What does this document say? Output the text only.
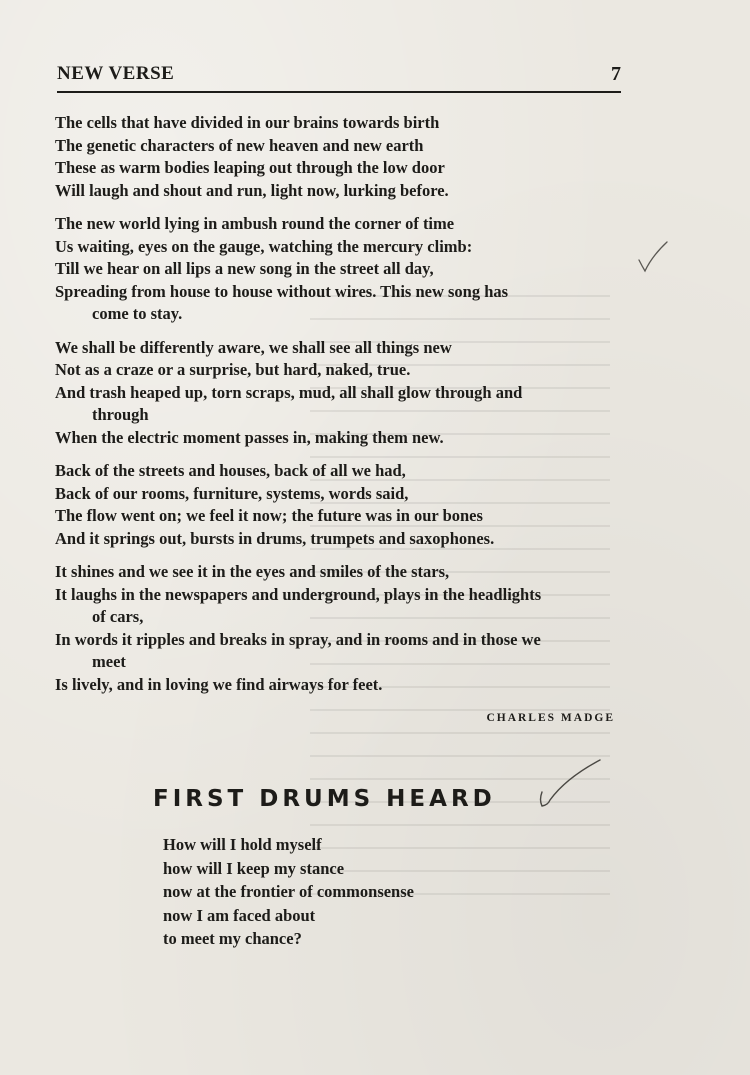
NEW VERSE	7
The cells that have divided in our brains towards birth
The genetic characters of new heaven and new earth
These as warm bodies leaping out through the low door
Will laugh and shout and run, light now, lurking before.
The new world lying in ambush round the corner of time
Us waiting, eyes on the gauge, watching the mercury climb:
Till we hear on all lips a new song in the street all day,
Spreading from house to house without wires. This new song has
come to stay.
We shall be differently aware, we shall see all things new
Not as a craze or a surprise, but hard, naked, true.
And trash heaped up, torn scraps, mud, all shall glow through and
through
When the electric moment passes in, making them new.
Back of the streets and houses, back of all we had,
Back of our rooms, furniture, systems, words said,
The flow went on; we feel it now; the future was in our bones
And it springs out, bursts in drums, trumpets and saxophones.
It shines and we see it in the eyes and smiles of the stars,
It laughs in the newspapers and underground, plays in the headlights
of cars,
In words it ripples and breaks in spray, and in rooms and in those we
meet
Is lively, and in loving we find airways for feet.
CHARLES MADGE
FIRST DRUMS HEARD
How will I hold myself
how will I keep my stance
now at the frontier of commonsense
now I am faced about
to meet my chance?
